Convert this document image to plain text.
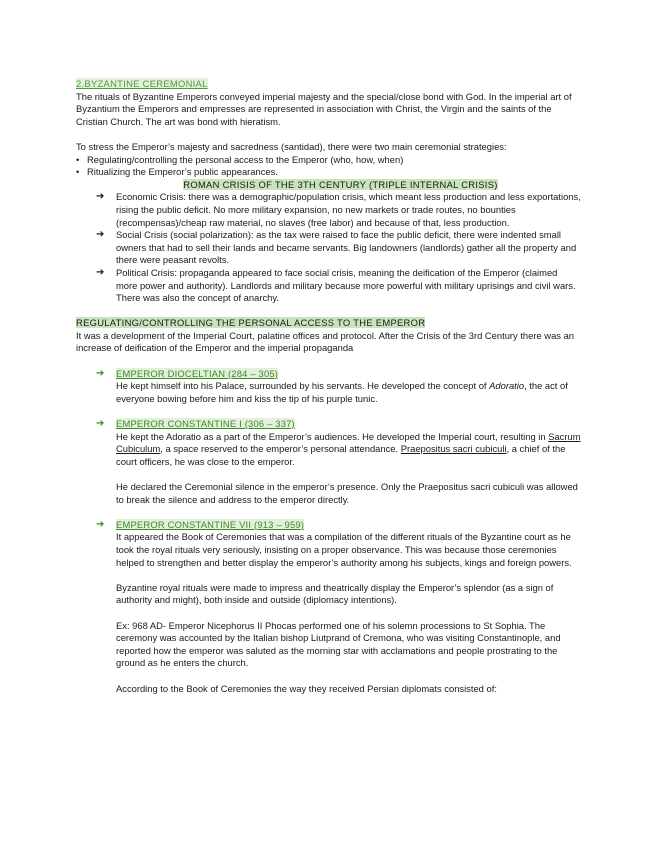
2.BYZANTINE CEREMONIAL

The rituals of Byzantine Emperors conveyed imperial majesty and the special/close bond with God. In the imperial art of Byzantium the Emperors and empresses are represented in association with Christ, the Virgin and the saints of the Cristian Church. The art was bond with hieratism.

To stress the Emperor’s majesty and sacredness (santidad), there were two main ceremonial strategies:

• Regulating/controlling the personal access to the Emperor (who, how, when)
• Ritualizing the Emperor’s public appearances.

ROMAN CRISIS OF THE 3TH CENTURY (TRIPLE INTERNAL CRISIS)

➔ Economic Crisis: there was a demographic/population crisis, which meant less production and less exportations, rising the public deficit. No more military expansion, no new markets or trade routes, no bounties (recompensas)/cheap raw material, no slaves (free labor) and because of that, less production.
➔ Social Crisis (social polarization): as the tax were raised to face the public deficit, there were indented small owners that had to sell their lands and became servants. Big landowners (landlords) gather all the property and there were peasant revolts.
➔ Political Crisis: propaganda appeared to face social crisis, meaning the deification of the Emperor (claimed more power and authority). Landlords and military because more powerful with military uprisings and civil wars. There was also the concept of anarchy.

REGULATING/CONTROLLING THE PERSONAL ACCESS TO THE EMPEROR

It was a development of the Imperial Court, palatine offices and protocol. After the Crisis of the 3rd Century there was an increase of deification of the Emperor and the imperial propaganda

➔ EMPEROR DIOCELTIAN (284 – 305)

He kept himself into his Palace, surrounded by his servants. He developed the concept of Adoratio, the act of everyone bowing before him and kiss the tip of his purple tunic.

➔ EMPEROR CONSTANTINE I (306 – 337)

He kept the Adoratio as a part of the Emperor’s audiences. He developed the Imperial court, resulting in Sacrum Cubiculum, a space reserved to the emperor’s personal attendance. Praepositus sacri cubiculi, a chief of the court officers, he was close to the emperor.

He declared the Ceremonial silence in the emperor’s presence. Only the Praepositus sacri cubiculi was allowed to break the silence and address to the emperor directly.

➔ EMPEROR CONSTANTINE VII (913 – 959)

It appeared the Book of Ceremonies that was a compilation of the different rituals of the Byzantine court as he took the royal rituals very seriously, insisting on a proper observance. This was because those ceremonies helped to strengthen and better display the emperor’s authority among his subjects, kings and foreign powers.

Byzantine royal rituals were made to impress and theatrically display the Emperor’s splendor (as a sign of authority and might), both inside and outside (diplomacy intentions).

Ex: 968 AD- Emperor Nicephorus II Phocas performed one of his solemn processions to St Sophia. The ceremony was accounted by the Italian bishop Liutprand of Cremona, who was visiting Constantinople, and reported how the emperor was saluted as the morning star with acclamations and people prostrating to the ground as he enters the church.

According to the Book of Ceremonies the way they received Persian diplomats consisted of:
